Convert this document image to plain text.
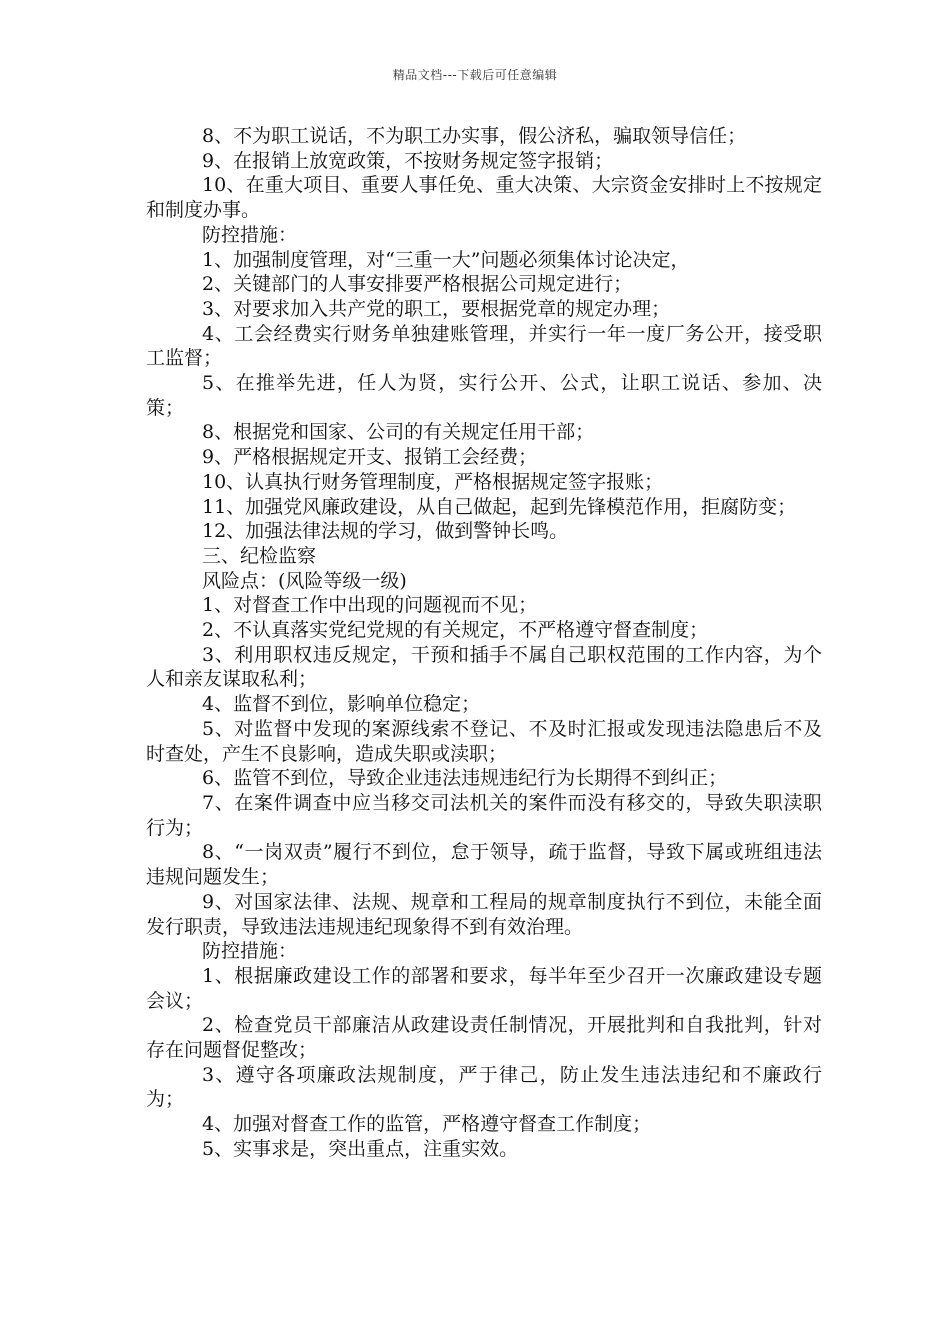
精品文档---下载后可任意编辑

8、不为职工说话，不为职工办实事，假公济私，骗取领导信任；

9、在报销上放宽政策，不按财务规定签字报销；

10、在重大项目、重要人事任免、重大决策、大宗资金安排时上不按规定和制度办事。

防控措施：

1、加强制度管理，对“三重一大”问题必须集体讨论决定，

2、关键部门的人事安排要严格根据公司规定进行；

3、对要求加入共产党的职工，要根据党章的规定办理；

4、工会经费实行财务单独建账管理，并实行一年一度厂务公开，接受职工监督；

5、在推举先进，任人为贤，实行公开、公式，让职工说话、参加、决策；

8、根据党和国家、公司的有关规定任用干部；

9、严格根据规定开支、报销工会经费；

10、认真执行财务管理制度，严格根据规定签字报账；

11、加强党风廉政建设，从自己做起，起到先锋模范作用，拒腐防变；

12、加强法律法规的学习，做到警钟长鸣。

三、纪检监察

风险点：(风险等级一级)

1、对督查工作中出现的问题视而不见；

2、不认真落实党纪党规的有关规定，不严格遵守督查制度；

3、利用职权违反规定，干预和插手不属自己职权范围的工作内容，为个人和亲友谋取私利；

4、监督不到位，影响单位稳定；

5、对监督中发现的案源线索不登记、不及时汇报或发现违法隐患后不及时查处，产生不良影响，造成失职或渎职；

6、监管不到位，导致企业违法违规违纪行为长期得不到纠正；

7、在案件调查中应当移交司法机关的案件而没有移交的，导致失职渎职行为；

8、“一岗双责”履行不到位，怠于领导，疏于监督，导致下属或班组违法违规问题发生；

9、对国家法律、法规、规章和工程局的规章制度执行不到位，未能全面发行职责，导致违法违规违纪现象得不到有效治理。

防控措施：

1、根据廉政建设工作的部署和要求，每半年至少召开一次廉政建设专题会议；

2、检查党员干部廉洁从政建设责任制情况，开展批判和自我批判，针对存在问题督促整改；

3、遵守各项廉政法规制度，严于律己，防止发生违法违纪和不廉政行为；

4、加强对督查工作的监管，严格遵守督查工作制度；

5、实事求是，突出重点，注重实效。
